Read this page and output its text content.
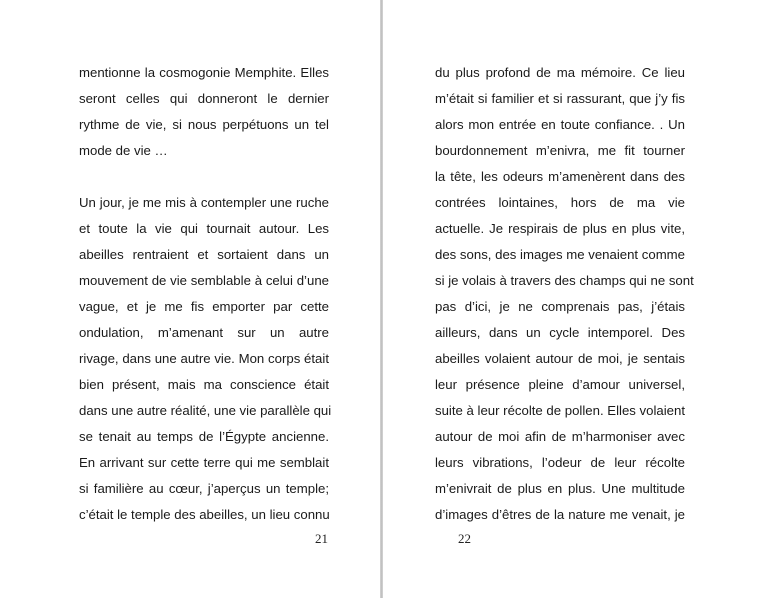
mentionne la cosmogonie Memphite. Elles
seront celles qui donneront le dernier
rythme de vie, si nous perpétuons un tel
mode de vie …

Un jour, je me mis à contempler une ruche
et toute la vie qui tournait autour. Les
abeilles rentraient et sortaient dans un
mouvement de vie semblable à celui d’une
vague, et je me fis emporter par cette
ondulation, m’amenant sur un autre
rivage, dans une autre vie. Mon corps était
bien présent, mais ma conscience était
dans une autre réalité, une vie parallèle qui
se tenait au temps de l’Égypte ancienne.
En arrivant sur cette terre qui me semblait
si familière au cœur, j’aperçus un temple;
c’était le temple des abeilles, un lieu connu

21

du plus profond de ma mémoire. Ce lieu
m’était si familier et si rassurant, que j’y fis
alors mon entrée en toute confiance. . Un
bourdonnement m’enivra, me fit tourner
la tête, les odeurs m’amenèrent dans des
contrées lointaines, hors de ma vie
actuelle. Je respirais de plus en plus vite,
des sons, des images me venaient comme
si je volais à travers des champs qui ne sont
pas d’ici, je ne comprenais pas, j’étais
ailleurs, dans un cycle intemporel. Des
abeilles volaient autour de moi, je sentais
leur présence pleine d’amour universel,
suite à leur récolte de pollen. Elles volaient
autour de moi afin de m’harmoniser avec
leurs vibrations, l’odeur de leur récolte
m’enivrait de plus en plus. Une multitude
d’images d’êtres de la nature me venait, je

22
